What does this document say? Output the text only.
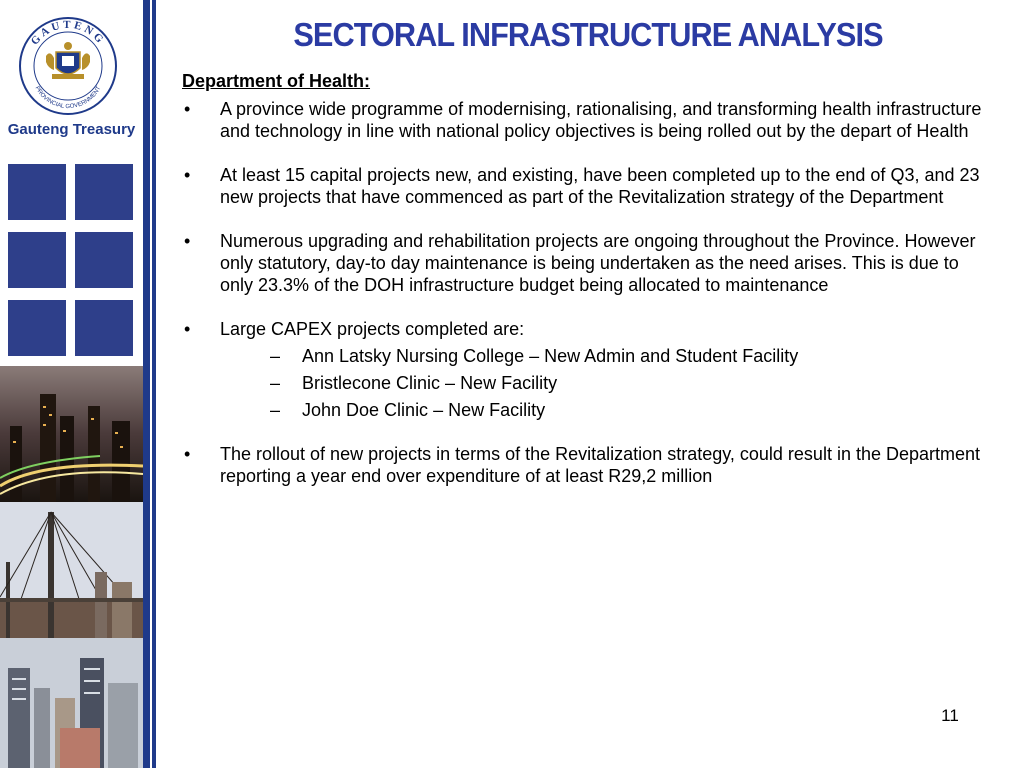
GAUTENG
PROVINCIAL GOVERNMENT
Gauteng Treasury
SECTORAL INFRASTRUCTURE ANALYSIS
Department of Health:
• A province wide programme of modernising, rationalising, and transforming health infrastructure and technology in line with national policy objectives is being rolled out by the depart of Health
• At least 15 capital projects new, and existing, have been completed up to the end of Q3, and 23 new projects that have commenced as part of the Revitalization strategy of the Department
• Numerous upgrading and rehabilitation projects are ongoing throughout the Province. However only statutory, day-to day maintenance is being undertaken as the need arises. This is due to only 23.3% of the DOH infrastructure budget being allocated to maintenance
• Large CAPEX projects completed are:
– Ann Latsky Nursing College – New Admin and Student Facility
– Bristlecone Clinic – New Facility
– John Doe Clinic – New Facility
• The rollout of new projects in terms of the Revitalization strategy, could result in the Department reporting a year end over expenditure of at least R29,2 million
11
